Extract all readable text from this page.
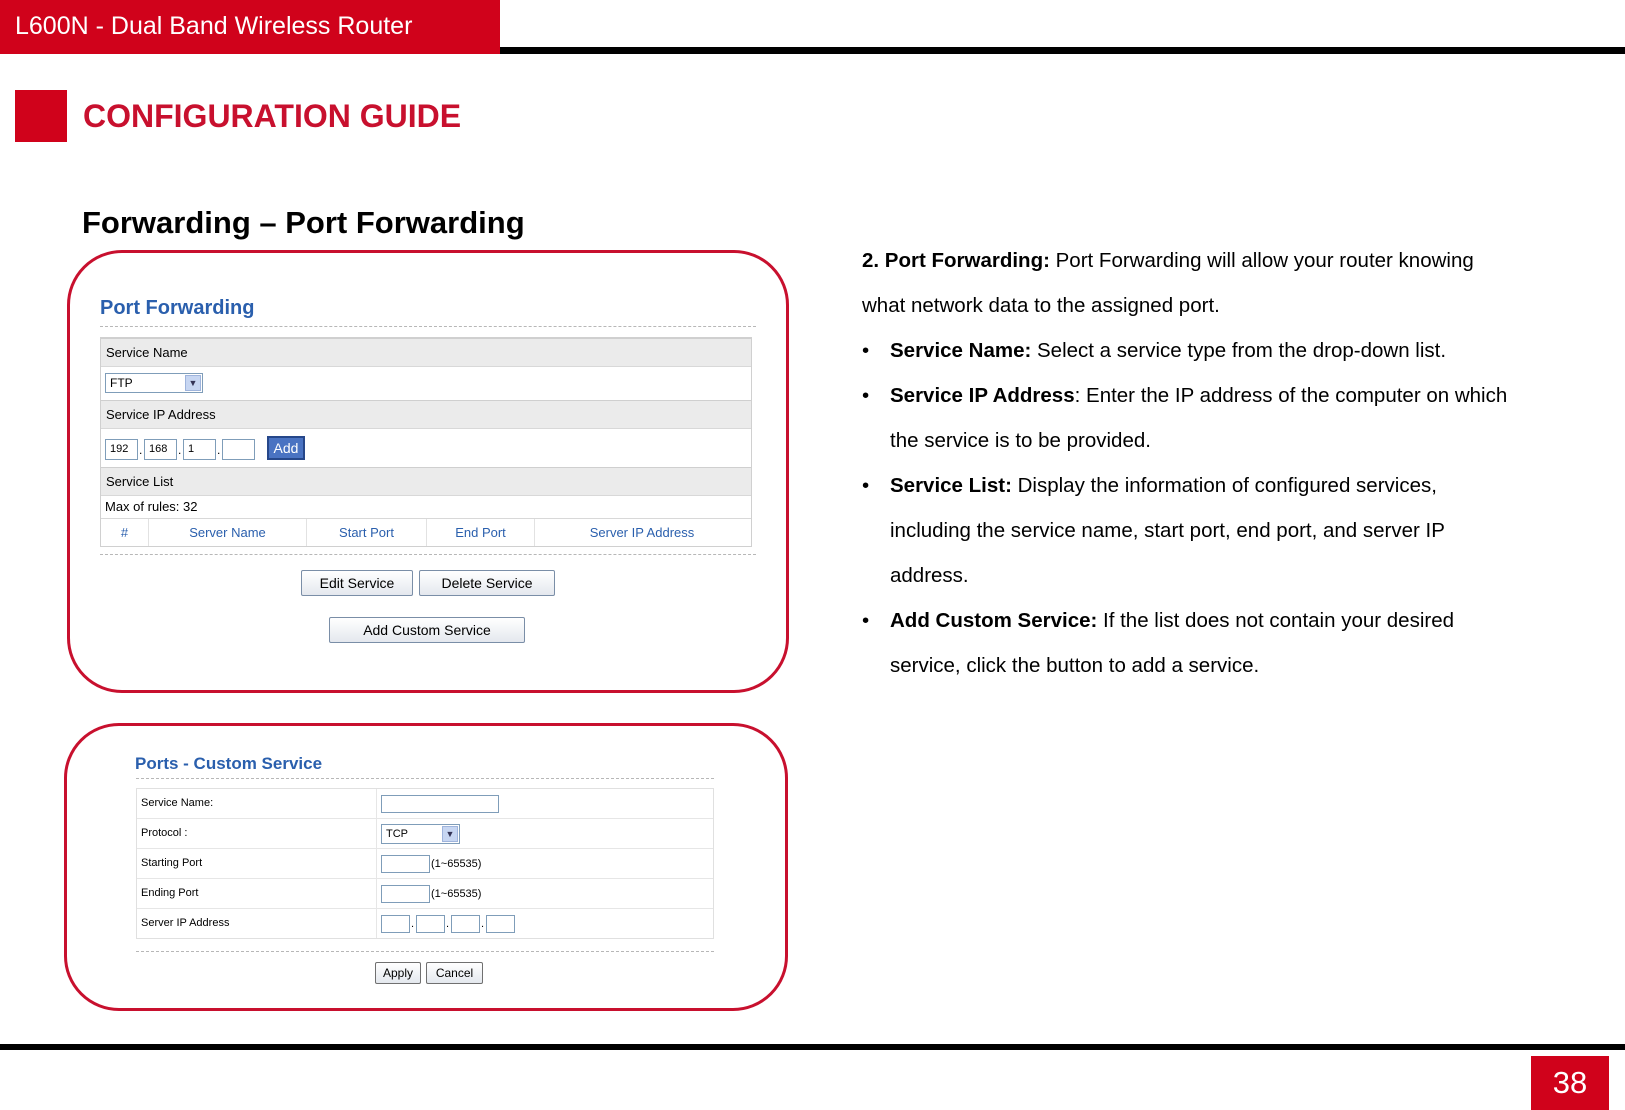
L600N - Dual Band Wireless Router
CONFIGURATION GUIDE
Forwarding – Port Forwarding
Port Forwarding
Service Name
FTP	▼
Service IP Address
192 . 168 . 1	.	Add
Service List
Max of rules: 32
#	Server Name	Start Port	End Port	Server IP Address
Edit Service	Delete Service
Add Custom Service
Ports - Custom Service
Service Name:
Protocol :	TCP	▼
Starting Port	(1~65535)
Ending Port	(1~65535)
Server IP Address	.	.	.
Apply	Cancel

2. Port Forwarding: Port Forwarding will allow your router knowing what network data to the assigned port.

• Service Name: Select a service type from the drop-down list.

• Service IP Address: Enter the IP address of the computer on which the service is to be provided.

• Service List: Display the information of configured services, including the service name, start port, end port, and server IP address.

• Add Custom Service: If the list does not contain your desired service, click the button to add a service.

38
